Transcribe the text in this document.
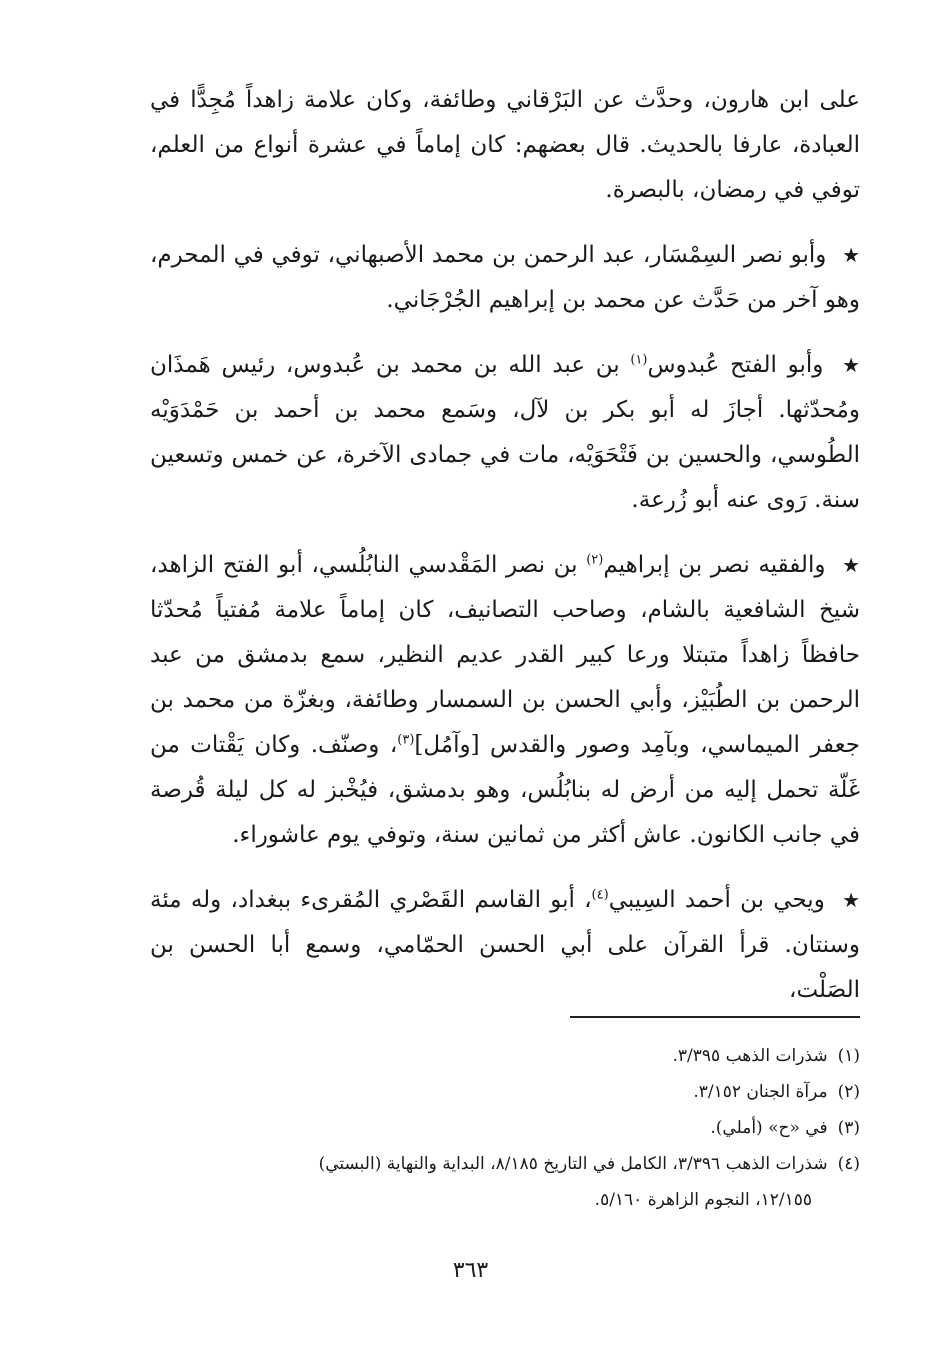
على ابن هارون، وحدَّث عن البَرْقاني وطائفة، وكان علامة زاهداً مُجِدًّا في العبادة، عارفا بالحديث. قال بعضهم: كان إماماً في عشرة أنواع من العلم، توفي في رمضان، بالبصرة.

★ وأبو نصر السِمْسَار، عبد الرحمن بن محمد الأصبهاني، توفي في المحرم، وهو آخر من حَدَّث عن محمد بن إبراهيم الجُرْجَاني.

★ وأبو الفتح عُبدوس$^{(١)}$ بن عبد الله بن محمد بن عُبدوس، رئيس هَمذَان ومُحدّثها. أجازَ له أبو بكر بن لآل، وسَمع محمد بن أحمد بن حَمْدَوَيْه الطُوسي، والحسين بن فَتْحَوَيْه، مات في جمادى الآخرة، عن خمس وتسعين سنة. رَوى عنه أبو زُرعة.

★ والفقيه نصر بن إبراهيم$^{(٢)}$ بن نصر المَقْدسي النابُلُسي، أبو الفتح الزاهد، شيخ الشافعية بالشام، وصاحب التصانيف، كان إماماً علامة مُفتياً مُحدّثا حافظاً زاهداً متبتلا ورعا كبير القدر عديم النظير، سمع بدمشق من عبد الرحمن بن الطُبَيْز، وأبي الحسن بن السمسار وطائفة، وبغزّة من محمد بن جعفر الميماسي، وبآمِد وصور والقدس [وآمُل]$^{(٣)}$، وصنّف. وكان يَقْتات من غَلّة تحمل إليه من أرض له بنابُلُس، وهو بدمشق، فيُخْبز له كل ليلة قُرصة في جانب الكانون. عاش أكثر من ثمانين سنة، وتوفي يوم عاشوراء.

★ ويحي بن أحمد السِيبي$^{(٤)}$، أبو القاسم القَصْري المُقرىء ببغداد، وله مئة وسنتان. قرأ القرآن على أبي الحسن الحمّامي، وسمع أبا الحسن بن الصَلْت،

(١)شذرات الذهب ٣/٣٩٥.

(٢)مرآة الجنان ٣/١٥٢.

(٣)في «ح» (أملي).

(٤)شذرات الذهب ٣/٣٩٦، الكامل في التاريخ ٨/١٨٥، البداية والنهاية (البستي)

١٢/١٥٥، النجوم الزاهرة ٥/١٦٠.

٣٦٣
